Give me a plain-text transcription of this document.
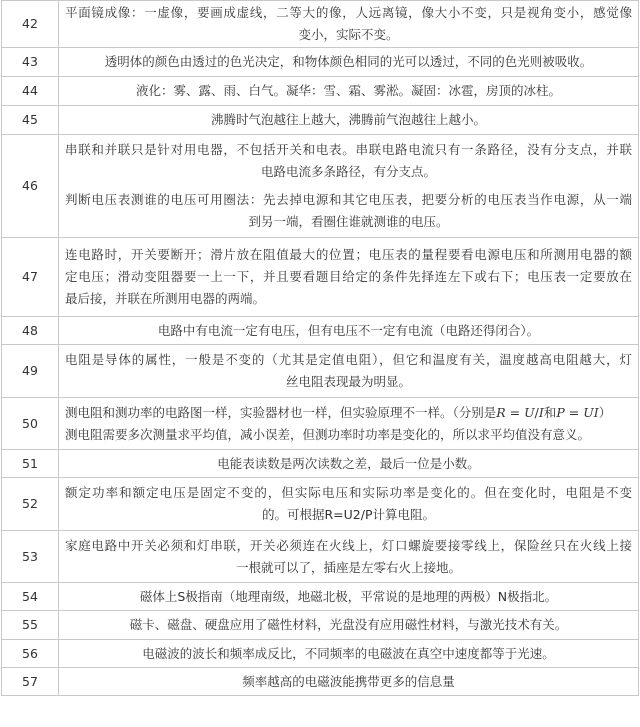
42	平面镜成像：一虚像，要画成虚线，二等大的像，人远离镜，像大小不变，只是视角变小，感觉像
变小，实际不变。

43	透明体的颜色由透过的色光决定，和物体颜色相同的光可以透过，不同的色光则被吸收。

44	液化：雾、露、雨、白气。凝华：雪、霜、雾淞。凝固：冰雹，房顶的冰柱。

45	沸腾时气泡越往上越大，沸腾前气泡越往上越小。

46	串联和并联只是针对用电器，不包括开关和电表。串联电路电流只有一条路径，没有分支点，并联
电路电流多条路径，有分支点。
判断电压表测谁的电压可用圈法：先去掉电源和其它电压表，把要分析的电压表当作电源，从一端
到另一端，看圈住谁就测谁的电压。

47	连电路时，开关要断开；滑片放在阻值最大的位置；电压表的量程要看电源电压和所测用电器的额
定电压；滑动变阻器要一上一下，并且要看题目给定的条件先择连左下或右下；电压表一定要放在
最后接，并联在所测用电器的两端。

48	电路中有电流一定有电压，但有电压不一定有电流（电路还得闭合）。

49	电阻是导体的属性，一般是不变的（尤其是定值电阻），但它和温度有关，温度越高电阻越大，灯
丝电阻表现最为明显。

50	测电阻和测功率的电路图一样，实验器材也一样，但实验原理不一样。（分别是R = U/I和P = UI）
测电阻需要多次测量求平均值，减小误差，但测功率时功率是变化的，所以求平均值没有意义。

51	电能表读数是两次读数之差，最后一位是小数。

52	额定功率和额定电压是固定不变的，但实际电压和实际功率是变化的。但在变化时，电阻是不变
的。可根据R=U2/P计算电阻。

53	家庭电路中开关必须和灯串联，开关必须连在火线上，灯口螺旋要接零线上，保险丝只在火线上接
一根就可以了，插座是左零右火上接地。

54	磁体上S极指南（地理南级，地磁北极，平常说的是地理的两极）N极指北。

55	磁卡、磁盘、硬盘应用了磁性材料，光盘没有应用磁性材料，与激光技术有关。

56	电磁波的波长和频率成反比，不同频率的电磁波在真空中速度都等于光速。

57	频率越高的电磁波能携带更多的信息量
